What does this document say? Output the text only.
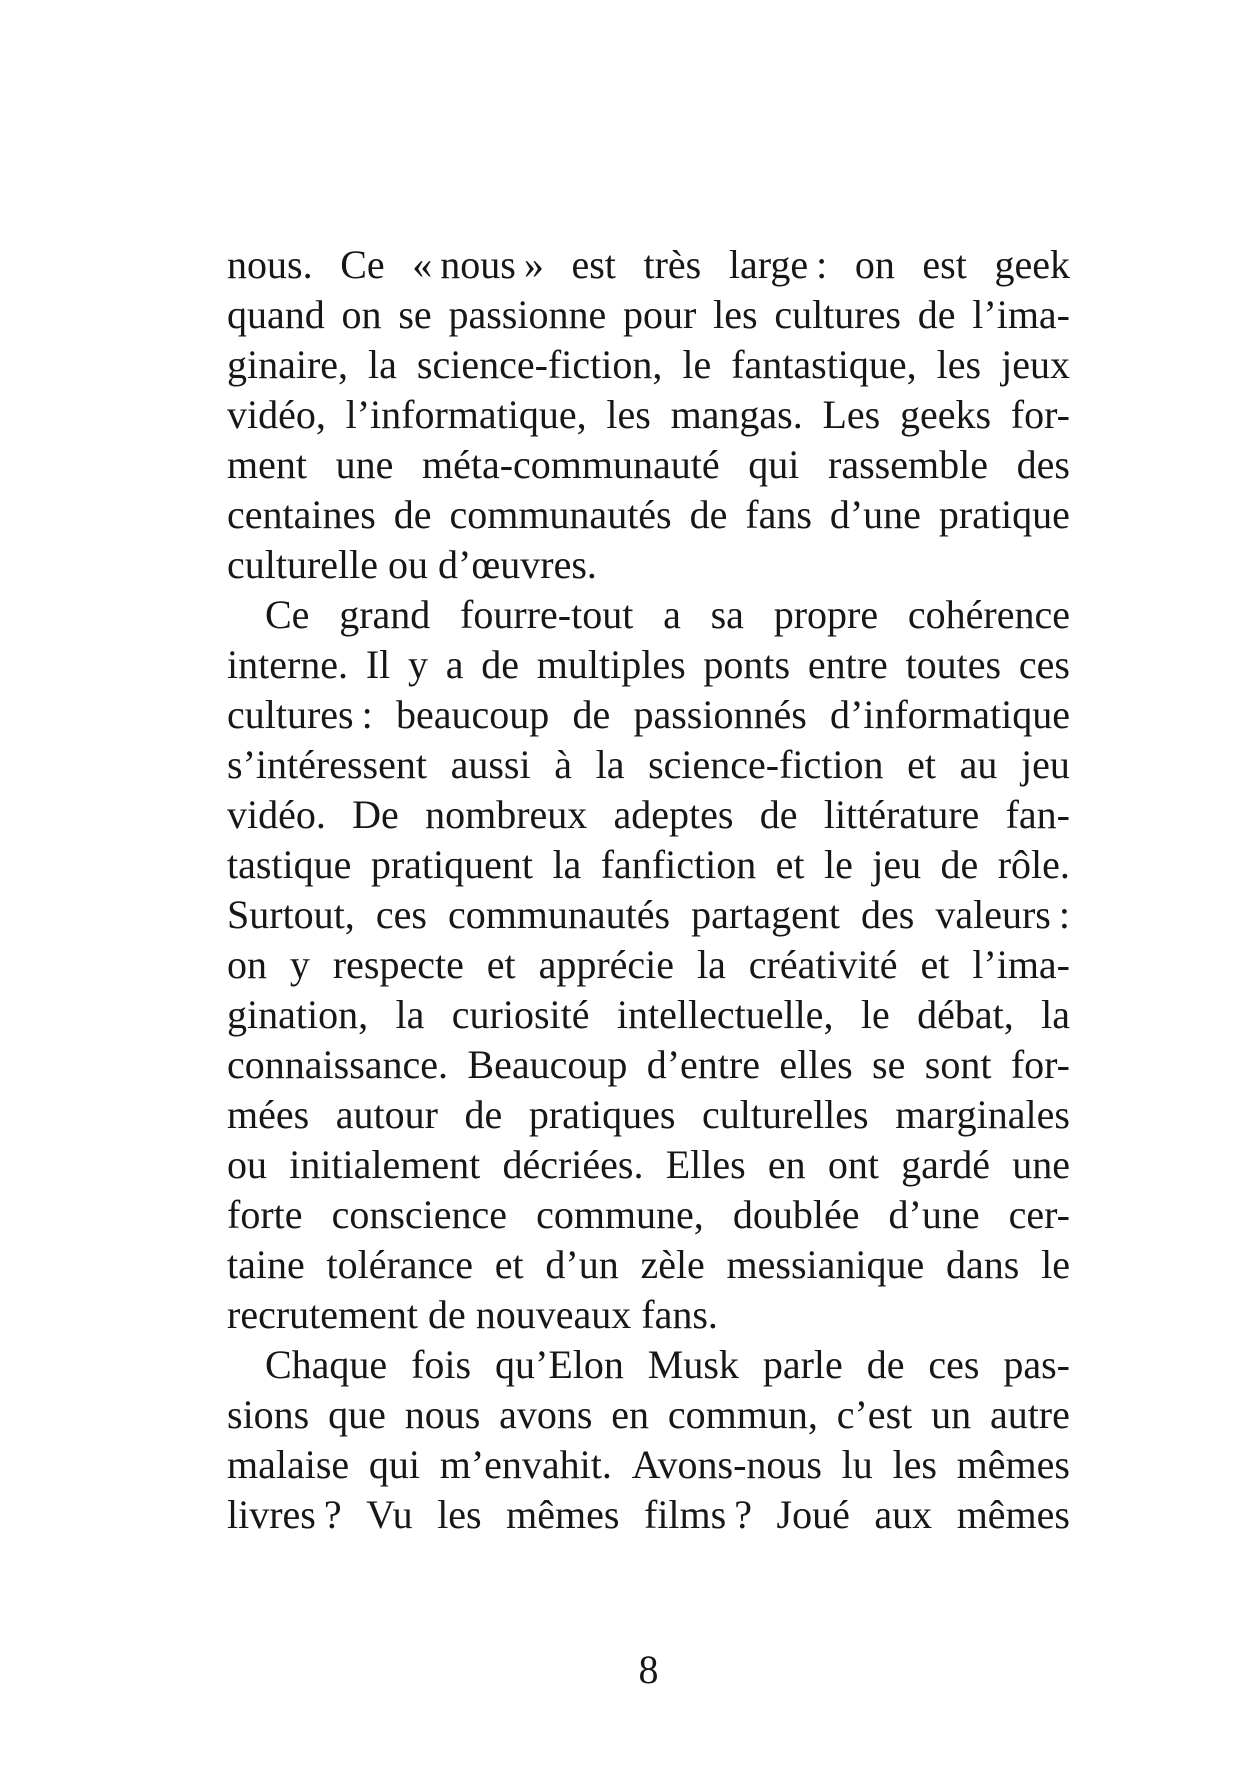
nous. Ce « nous » est très large : on est geek
quand on se passionne pour les cultures de l’ima-
ginaire, la science-fiction, le fantastique, les jeux
vidéo, l’informatique, les mangas. Les geeks for-
ment une méta-communauté qui rassemble des
centaines de communautés de fans d’une pratique
culturelle ou d’œuvres.
Ce grand fourre-tout a sa propre cohérence
interne. Il y a de multiples ponts entre toutes ces
cultures : beaucoup de passionnés d’informatique
s’intéressent aussi à la science-fiction et au jeu
vidéo. De nombreux adeptes de littérature fan-
tastique pratiquent la fanfiction et le jeu de rôle.
Surtout, ces communautés partagent des valeurs :
on y respecte et apprécie la créativité et l’ima-
gination, la curiosité intellectuelle, le débat, la
connaissance. Beaucoup d’entre elles se sont for-
mées autour de pratiques culturelles marginales
ou initialement décriées. Elles en ont gardé une
forte conscience commune, doublée d’une cer-
taine tolérance et d’un zèle messianique dans le
recrutement de nouveaux fans.
Chaque fois qu’Elon Musk parle de ces pas-
sions que nous avons en commun, c’est un autre
malaise qui m’envahit. Avons-nous lu les mêmes
livres ? Vu les mêmes films ? Joué aux mêmes
8
